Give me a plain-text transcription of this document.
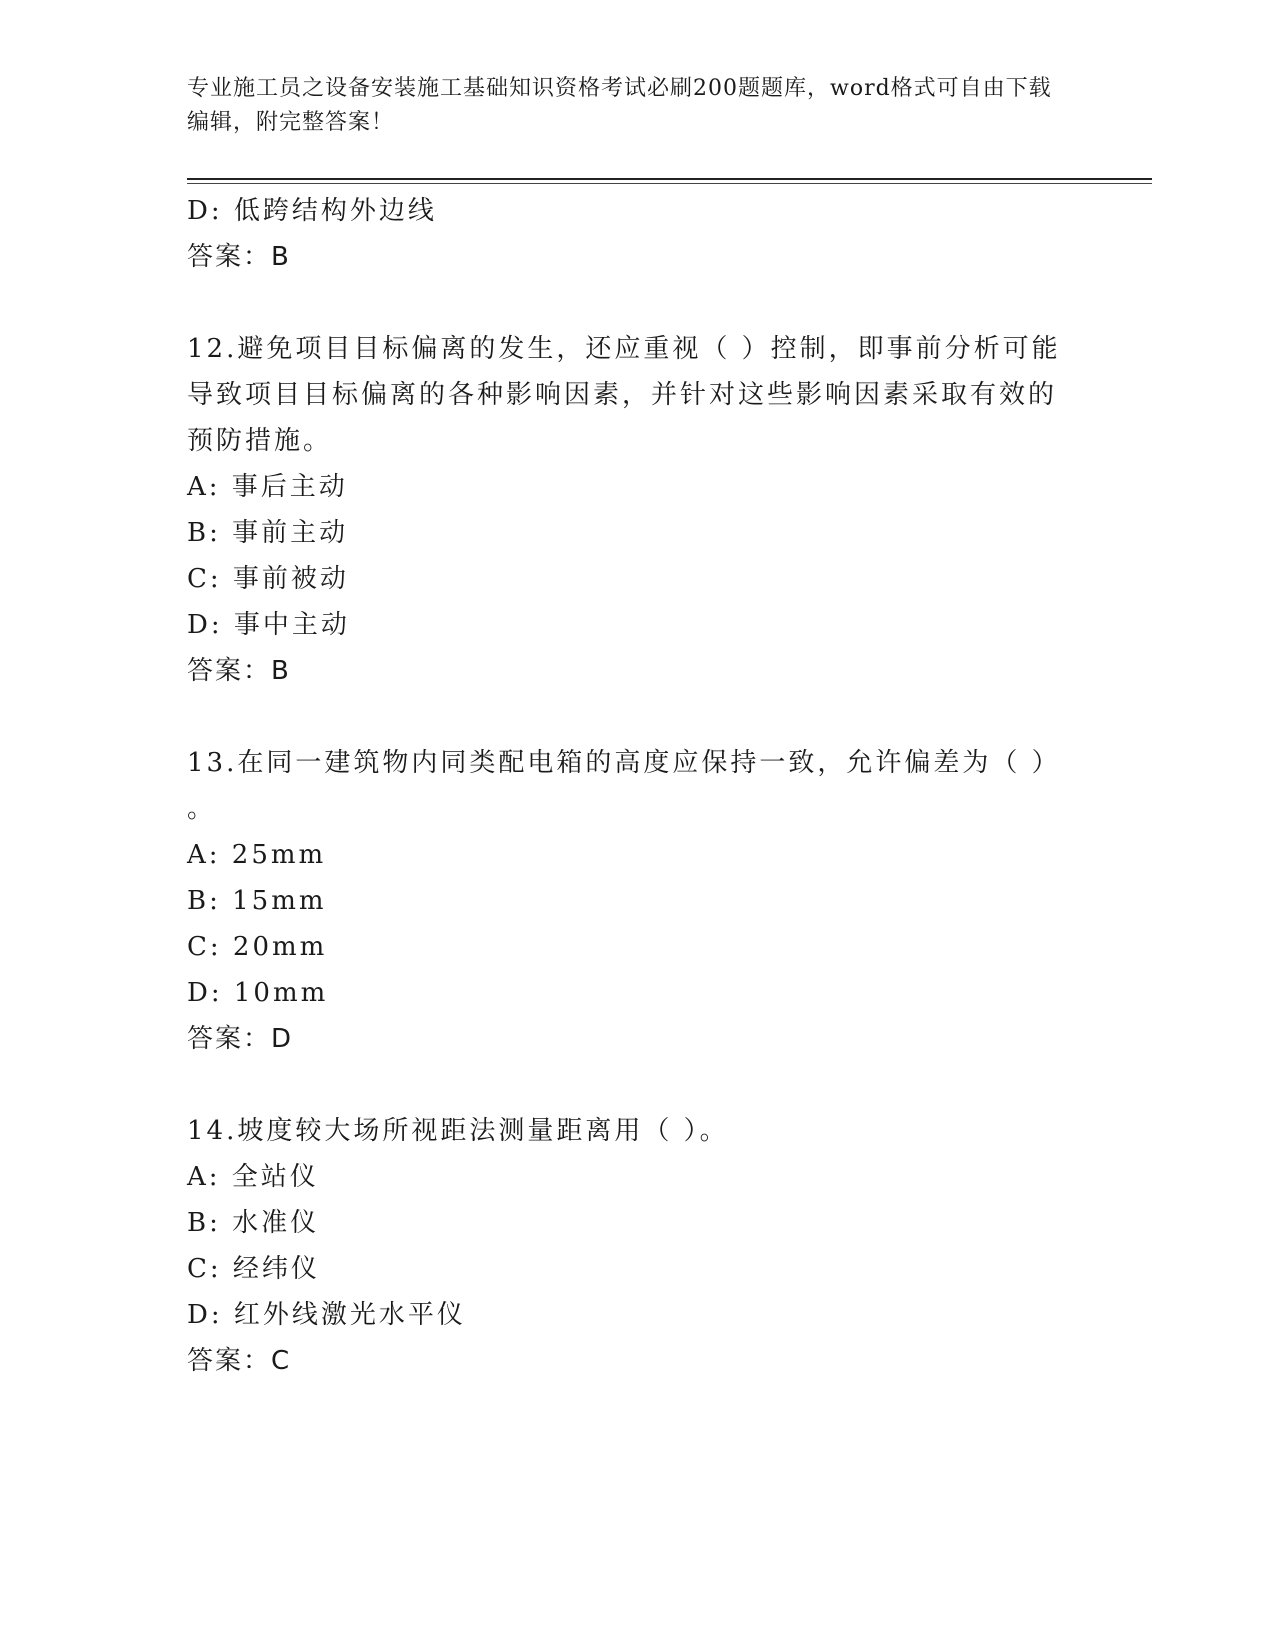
专业施工员之设备安装施工基础知识资格考试必刷200题题库，word格式可自由下载编辑，附完整答案！
D: 低跨结构外边线
答案：B
12.避免项目目标偏离的发生，还应重视（ ）控制，即事前分析可能
导致项目目标偏离的各种影响因素，并针对这些影响因素采取有效的
预防措施。
A: 事后主动
B: 事前主动
C: 事前被动
D: 事中主动
答案：B
13.在同一建筑物内同类配电箱的高度应保持一致，允许偏差为（ ）
。
A: 25mm
B: 15mm
C: 20mm
D: 10mm
答案：D
14.坡度较大场所视距法测量距离用（ ）。
A: 全站仪
B: 水准仪
C: 经纬仪
D: 红外线激光水平仪
答案：C
